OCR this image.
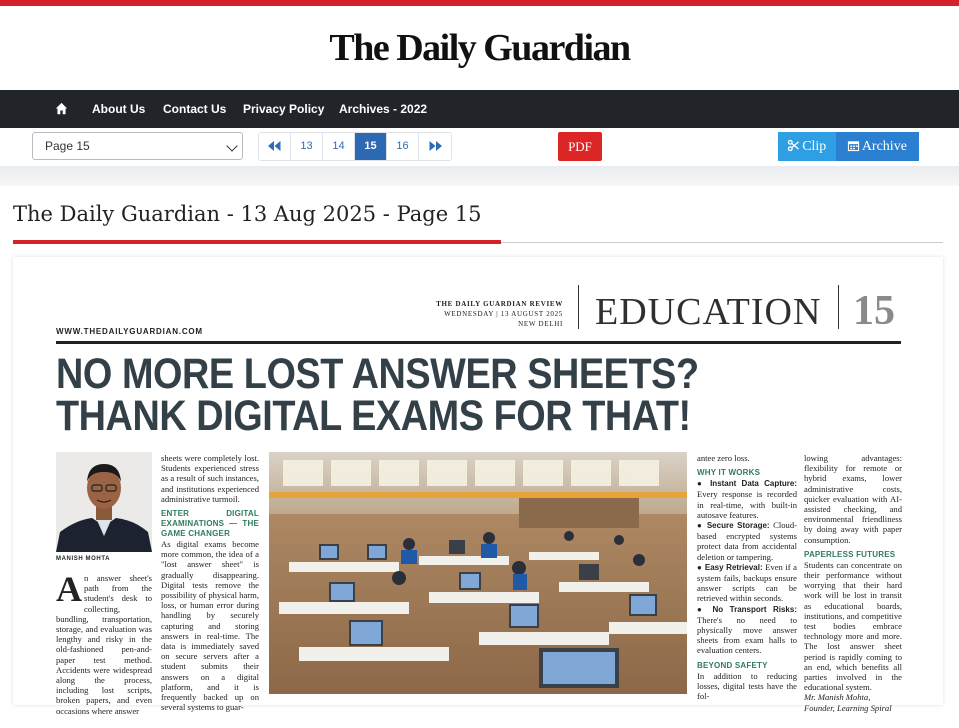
The Daily Guardian
About Us Contact Us Privacy Policy Archives - 2022
Page 15	13	14	15	16	PDF	Clip	Archive
The Daily Guardian - 13 Aug 2025 - Page 15
WWW.THEDAILYGUARDIAN.COM
THE DAILY GUARDIAN REVIEW
WEDNESDAY | 13 AUGUST 2025
NEW DELHI EDUCATION 15
NO MORE LOST ANSWER SHEETS? THANK DIGITAL EXAMS FOR THAT!
MANISH MOHTA
An answer sheet's path from the student's desk to collecting, bundling, transportation, storage, and evaluation was lengthy and risky in the old-fashioned pen-and-paper test method. Accidents were widespread along the process, including lost scripts, broken papers, and even occasions where answer

sheets were completely lost. Students experienced stress as a result of such instances, and institutions experienced administrative turmoil.

ENTER DIGITAL EXAMINATIONS — THE GAME CHANGER

As digital exams become more common, the idea of a "lost answer sheet" is gradually disappearing. Digital tests remove the possibility of physical harm, loss, or human error during handling by securely capturing and storing answers in real-time. The data is immediately saved on secure servers after a student submits their answers on a digital platform, and it is frequently backed up on several systems to guar-

antee zero loss.

WHY IT WORKS

● Instant Data Capture: Every response is recorded in real-time, with built-in autosave features.

● Secure Storage: Cloud-based encrypted systems protect data from accidental deletion or tampering.

● Easy Retrieval: Even if a system fails, backups ensure answer scripts can be retrieved within seconds.

● No Transport Risks: There's no need to physically move answer sheets from exam halls to evaluation centers.

BEYOND SAFETY

In addition to reducing losses, digital tests have the fol-

lowing advantages: flexibility for remote or hybrid exams, lower administrative costs, quicker evaluation with AI-assisted checking, and environmental friendliness by doing away with paper consumption.

PAPERLESS FUTURES

Students can concentrate on their performance without worrying that their hard work will be lost in transit as educational boards, institutions, and competitive test bodies embrace technology more and more. The lost answer sheet period is rapidly coming to an end, which benefits all parties involved in the educational system.

Mr. Manish Mohta, Founder, Learning Spiral
